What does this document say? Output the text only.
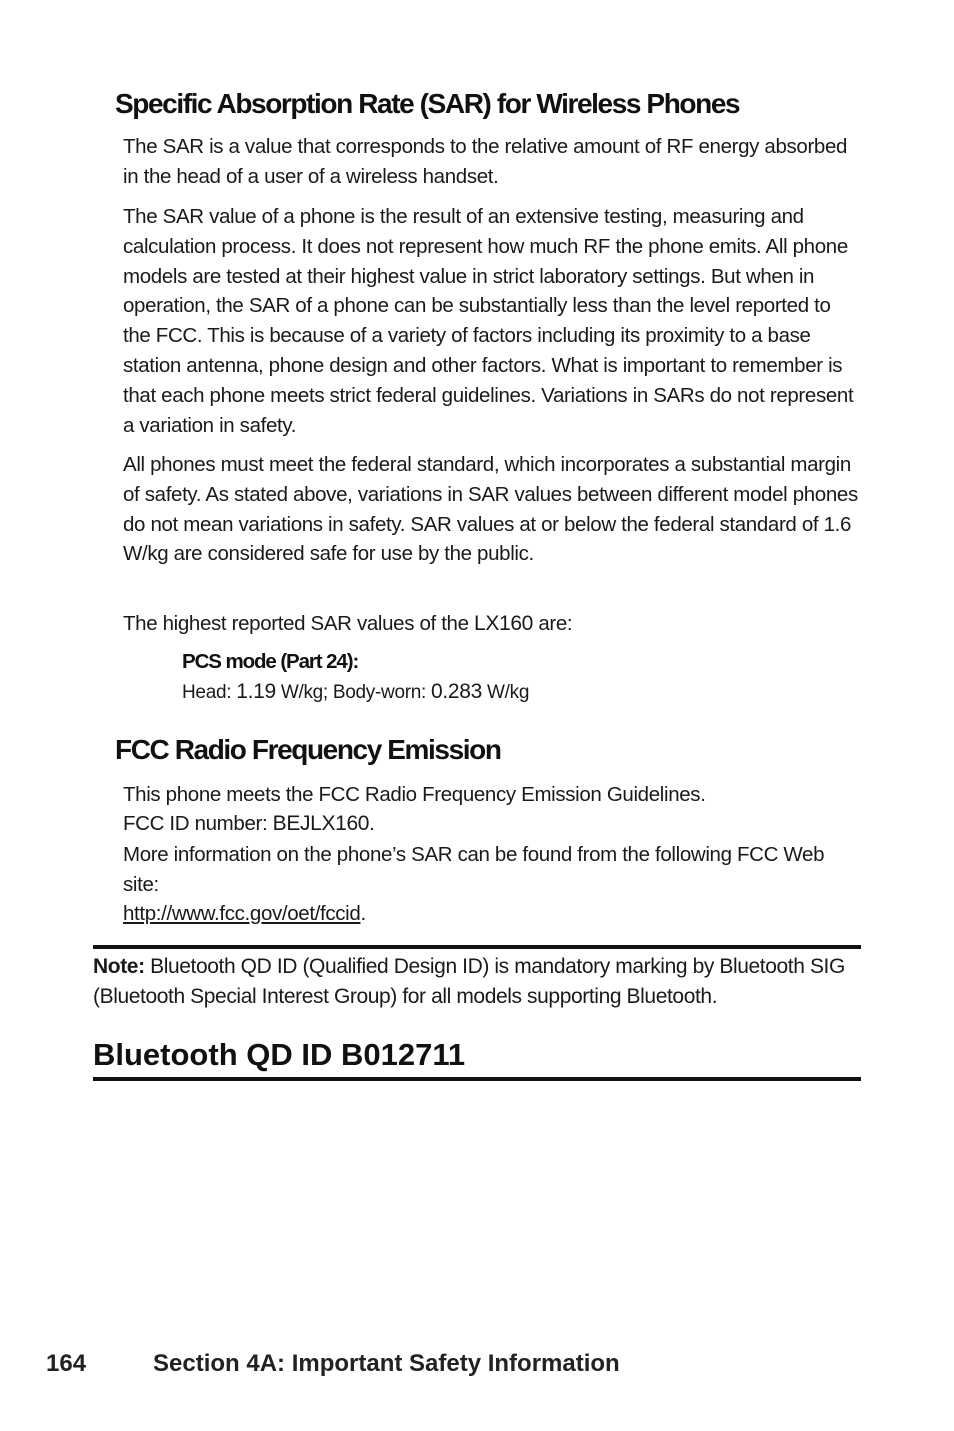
Specific Absorption Rate (SAR) for Wireless Phones

The SAR is a value that corresponds to the relative amount of RF energy absorbed in the head of a user of a wireless handset.

The SAR value of a phone is the result of an extensive testing, measuring and calculation process. It does not represent how much RF the phone emits. All phone models are tested at their highest value in strict laboratory settings. But when in operation, the SAR of a phone can be substantially less than the level reported to the FCC. This is because of a variety of factors including its proximity to a base station antenna, phone design and other factors. What is important to remember is that each phone meets strict federal guidelines. Variations in SARs do not represent a variation in safety.

All phones must meet the federal standard, which incorporates a substantial margin of safety. As stated above, variations in SAR values between different model phones do not mean variations in safety. SAR values at or below the federal standard of 1.6 W/kg are considered safe for use by the public.

The highest reported SAR values of the LX160 are:

PCS mode (Part 24):

Head: 1.19 W/kg; Body-worn: 0.283 W/kg

FCC Radio Frequency Emission

This phone meets the FCC Radio Frequency Emission Guidelines.

FCC ID number: BEJLX160.

More information on the phone’s SAR can be found from the following FCC Web site:

http://www.fcc.gov/oet/fccid.

Note: Bluetooth QD ID (Qualified Design ID) is mandatory marking by Bluetooth SIG (Bluetooth Special Interest Group) for all models supporting Bluetooth.

Bluetooth QD ID B012711

164	Section 4A: Important Safety Information
